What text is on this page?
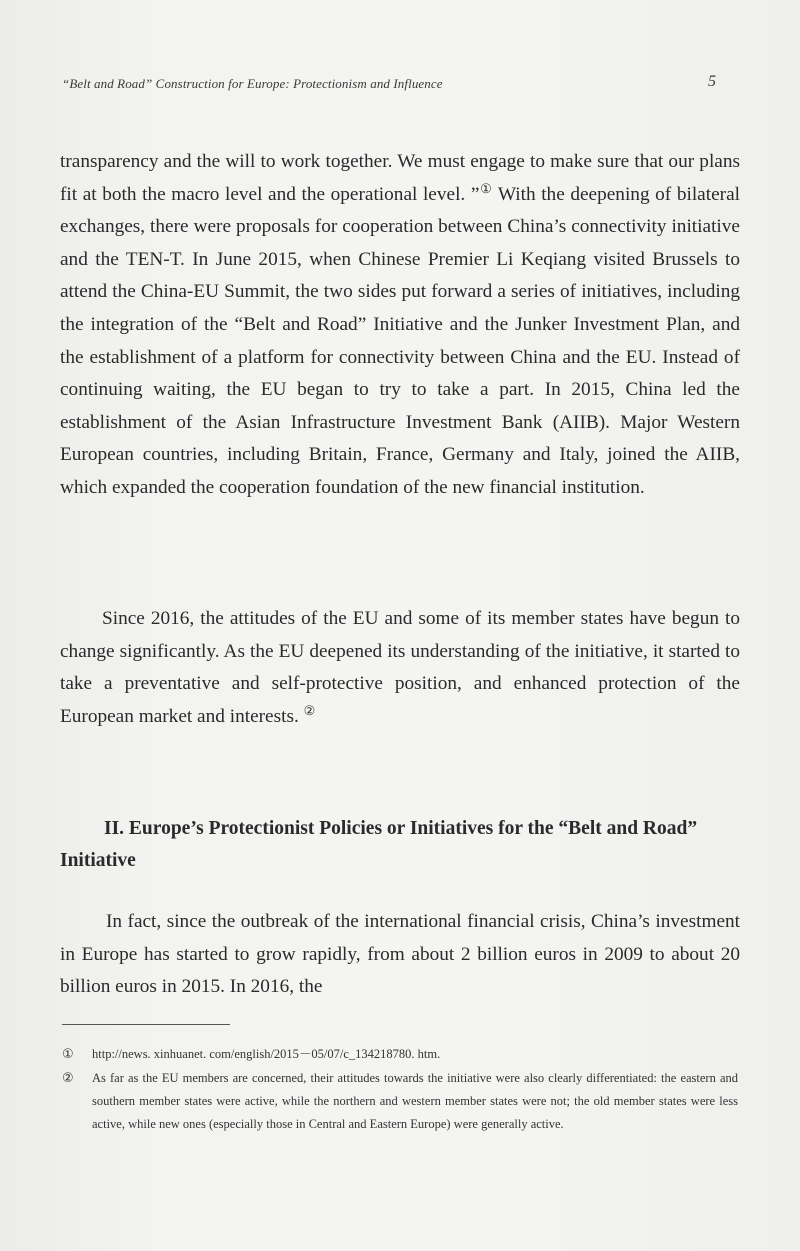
“Belt and Road” Construction for Europe: Protectionism and Influence	5
transparency and the will to work together. We must engage to make sure that our plans fit at both the macro level and the operational level. ”① With the deepening of bilateral exchanges, there were proposals for cooperation between China’s connectivity initiative and the TEN-T. In June 2015, when Chinese Premier Li Keqiang visited Brussels to attend the China-EU Summit, the two sides put forward a series of initiatives, including the integration of the “Belt and Road” Initiative and the Junker Investment Plan, and the establishment of a platform for connectivity between China and the EU. Instead of continuing waiting, the EU began to try to take a part. In 2015, China led the establishment of the Asian Infrastructure Investment Bank (AIIB). Major Western European countries, including Britain, France, Germany and Italy, joined the AIIB, which expanded the cooperation foundation of the new financial institution.
Since 2016, the attitudes of the EU and some of its member states have begun to change significantly. As the EU deepened its understanding of the initiative, it started to take a preventative and self-protective position, and enhanced protection of the European market and interests. ②
II. Europe’s Protectionist Policies or Initiatives for the “Belt and Road” Initiative
In fact, since the outbreak of the international financial crisis, China’s investment in Europe has started to grow rapidly, from about 2 billion euros in 2009 to about 20 billion euros in 2015. In 2016, the
① http://news. xinhuanet. com/english/2015－05/07/c_134218780. htm.
② As far as the EU members are concerned, their attitudes towards the initiative were also clearly differentiated: the eastern and southern member states were active, while the northern and western member states were not; the old member states were less active, while new ones (especially those in Central and Eastern Europe) were generally active.
